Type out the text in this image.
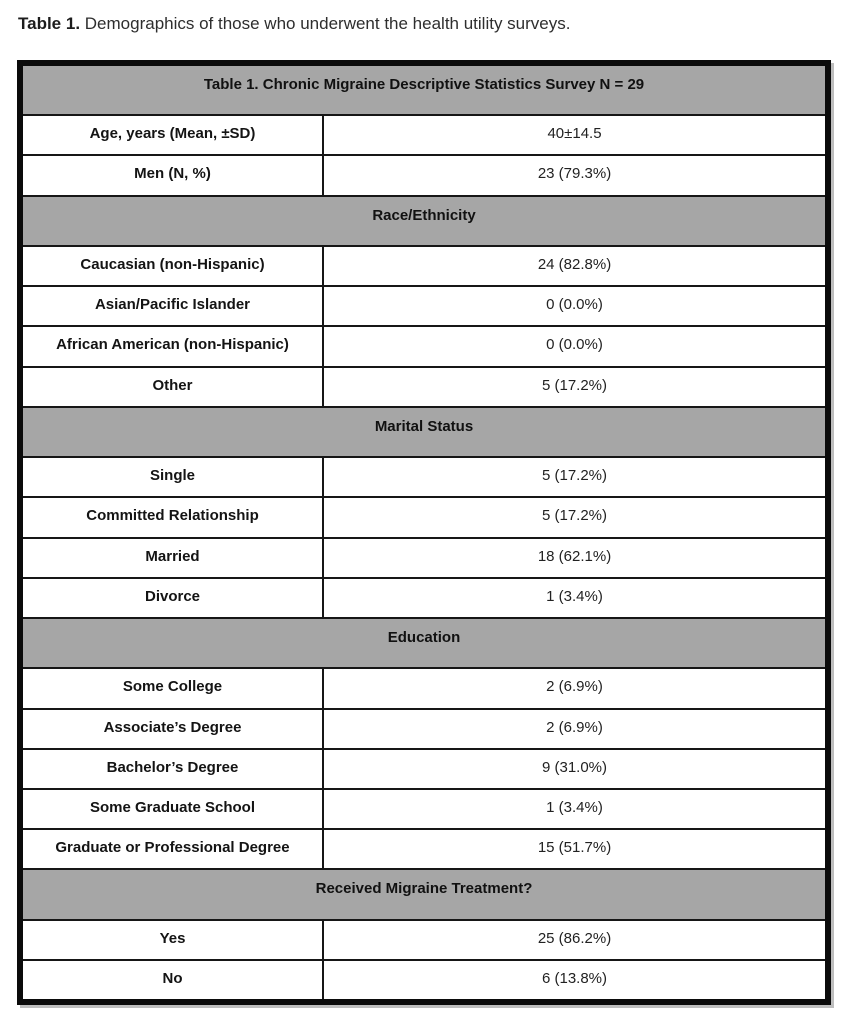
Table 1. Demographics of those who underwent the health utility surveys.
Table 1. Chronic Migraine Descriptive Statistics Survey N = 29
Age, years (Mean, ±SD)	40±14.5
Men (N, %)	23 (79.3%)
Race/Ethnicity
Caucasian (non-Hispanic)	24 (82.8%)
Asian/Pacific Islander	0 (0.0%)
African American (non-Hispanic)	0 (0.0%)
Other	5 (17.2%)
Marital Status
Single	5 (17.2%)
Committed Relationship	5 (17.2%)
Married	18 (62.1%)
Divorce	1 (3.4%)
Education
Some College	2 (6.9%)
Associate’s Degree	2 (6.9%)
Bachelor’s Degree	9 (31.0%)
Some Graduate School	1 (3.4%)
Graduate or Professional Degree	15 (51.7%)
Received Migraine Treatment?
Yes	25 (86.2%)
No	6 (13.8%)
